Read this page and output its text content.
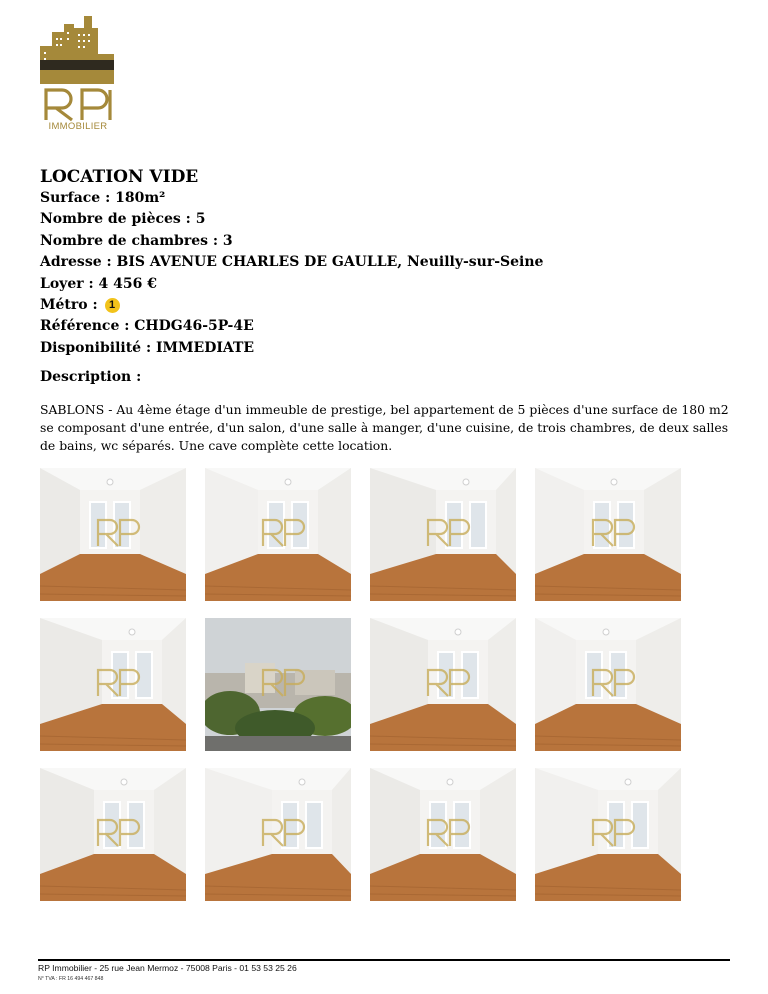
IMMOBILIER
LOCATION VIDE
Surface : 180m²
Nombre de pièces : 5
Nombre de chambres : 3
Adresse : BIS AVENUE CHARLES DE GAULLE, Neuilly-sur-Seine
Loyer : 4 456 €
Métro : 1
Référence : CHDG46-5P-4E
Disponibilité : IMMEDIATE
Description :
SABLONS - Au 4ème étage d'un immeuble de prestige, bel appartement de 5 pièces d'une surface de 180 m2 se composant d'une entrée, d'un salon, d'une salle à manger, d'une cuisine, de trois chambres, de deux salles de bains, wc séparés. Une cave complète cette location.
RP Immobilier - 25 rue Jean Mermoz - 75008 Paris - 01 53 53 25 26
N° TVA : FR 16 494 467 848
